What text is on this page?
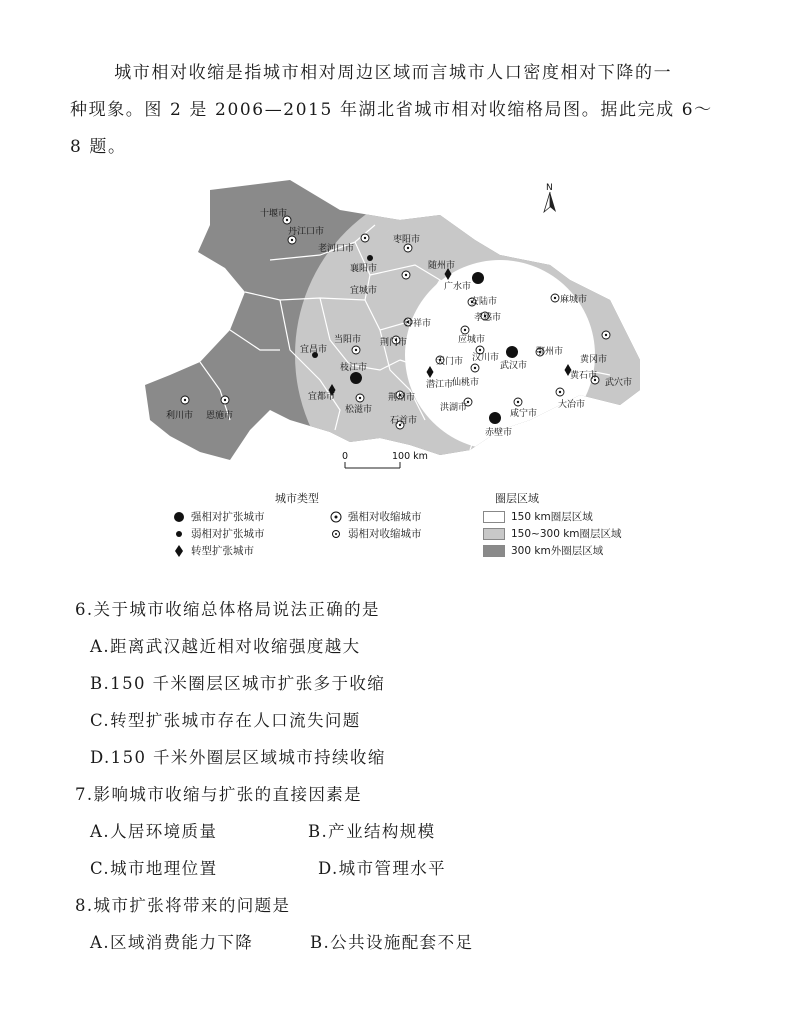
城市相对收缩是指城市相对周边区域而言城市人口密度相对下降的一

种现象。图 2 是 2006—2015 年湖北省城市相对收缩格局图。据此完成 6～
8 题。
N
0	100 km
十堰市
丹江口市
老河口市
襄阳市
枣阳市
随州市
宜城市	广水市
麻城市
安陆市
孝感市
钟祥市
应城市
当阳市 荆门市
汉川市
鄂州市
黄冈市
宜昌市
天门市	武汉市
枝江市
潜江市
仙桃市
黄石市
武穴市
宜都市	荆州市
大冶市
利川市 恩施市
松滋市
石首市
洪湖市
咸宁市
赤壁市
城市类型	圈层区域
强相对扩张城市
弱相对扩张城市
转型扩张城市
强相对收缩城市
弱相对收缩城市
150 km圈层区域
150~300 km圈层区域
300 km外圈层区域
6.关于城市收缩总体格局说法正确的是
A.距离武汉越近相对收缩强度越大
B.150 千米圈层区城市扩张多于收缩
C.转型扩张城市存在人口流失问题
D.150 千米外圈层区域城市持续收缩
7.影响城市收缩与扩张的直接因素是
A.人居环境质量	B.产业结构规模
C.城市地理位置	D.城市管理水平
8.城市扩张将带来的问题是
A.区域消费能力下降	B.公共设施配套不足
